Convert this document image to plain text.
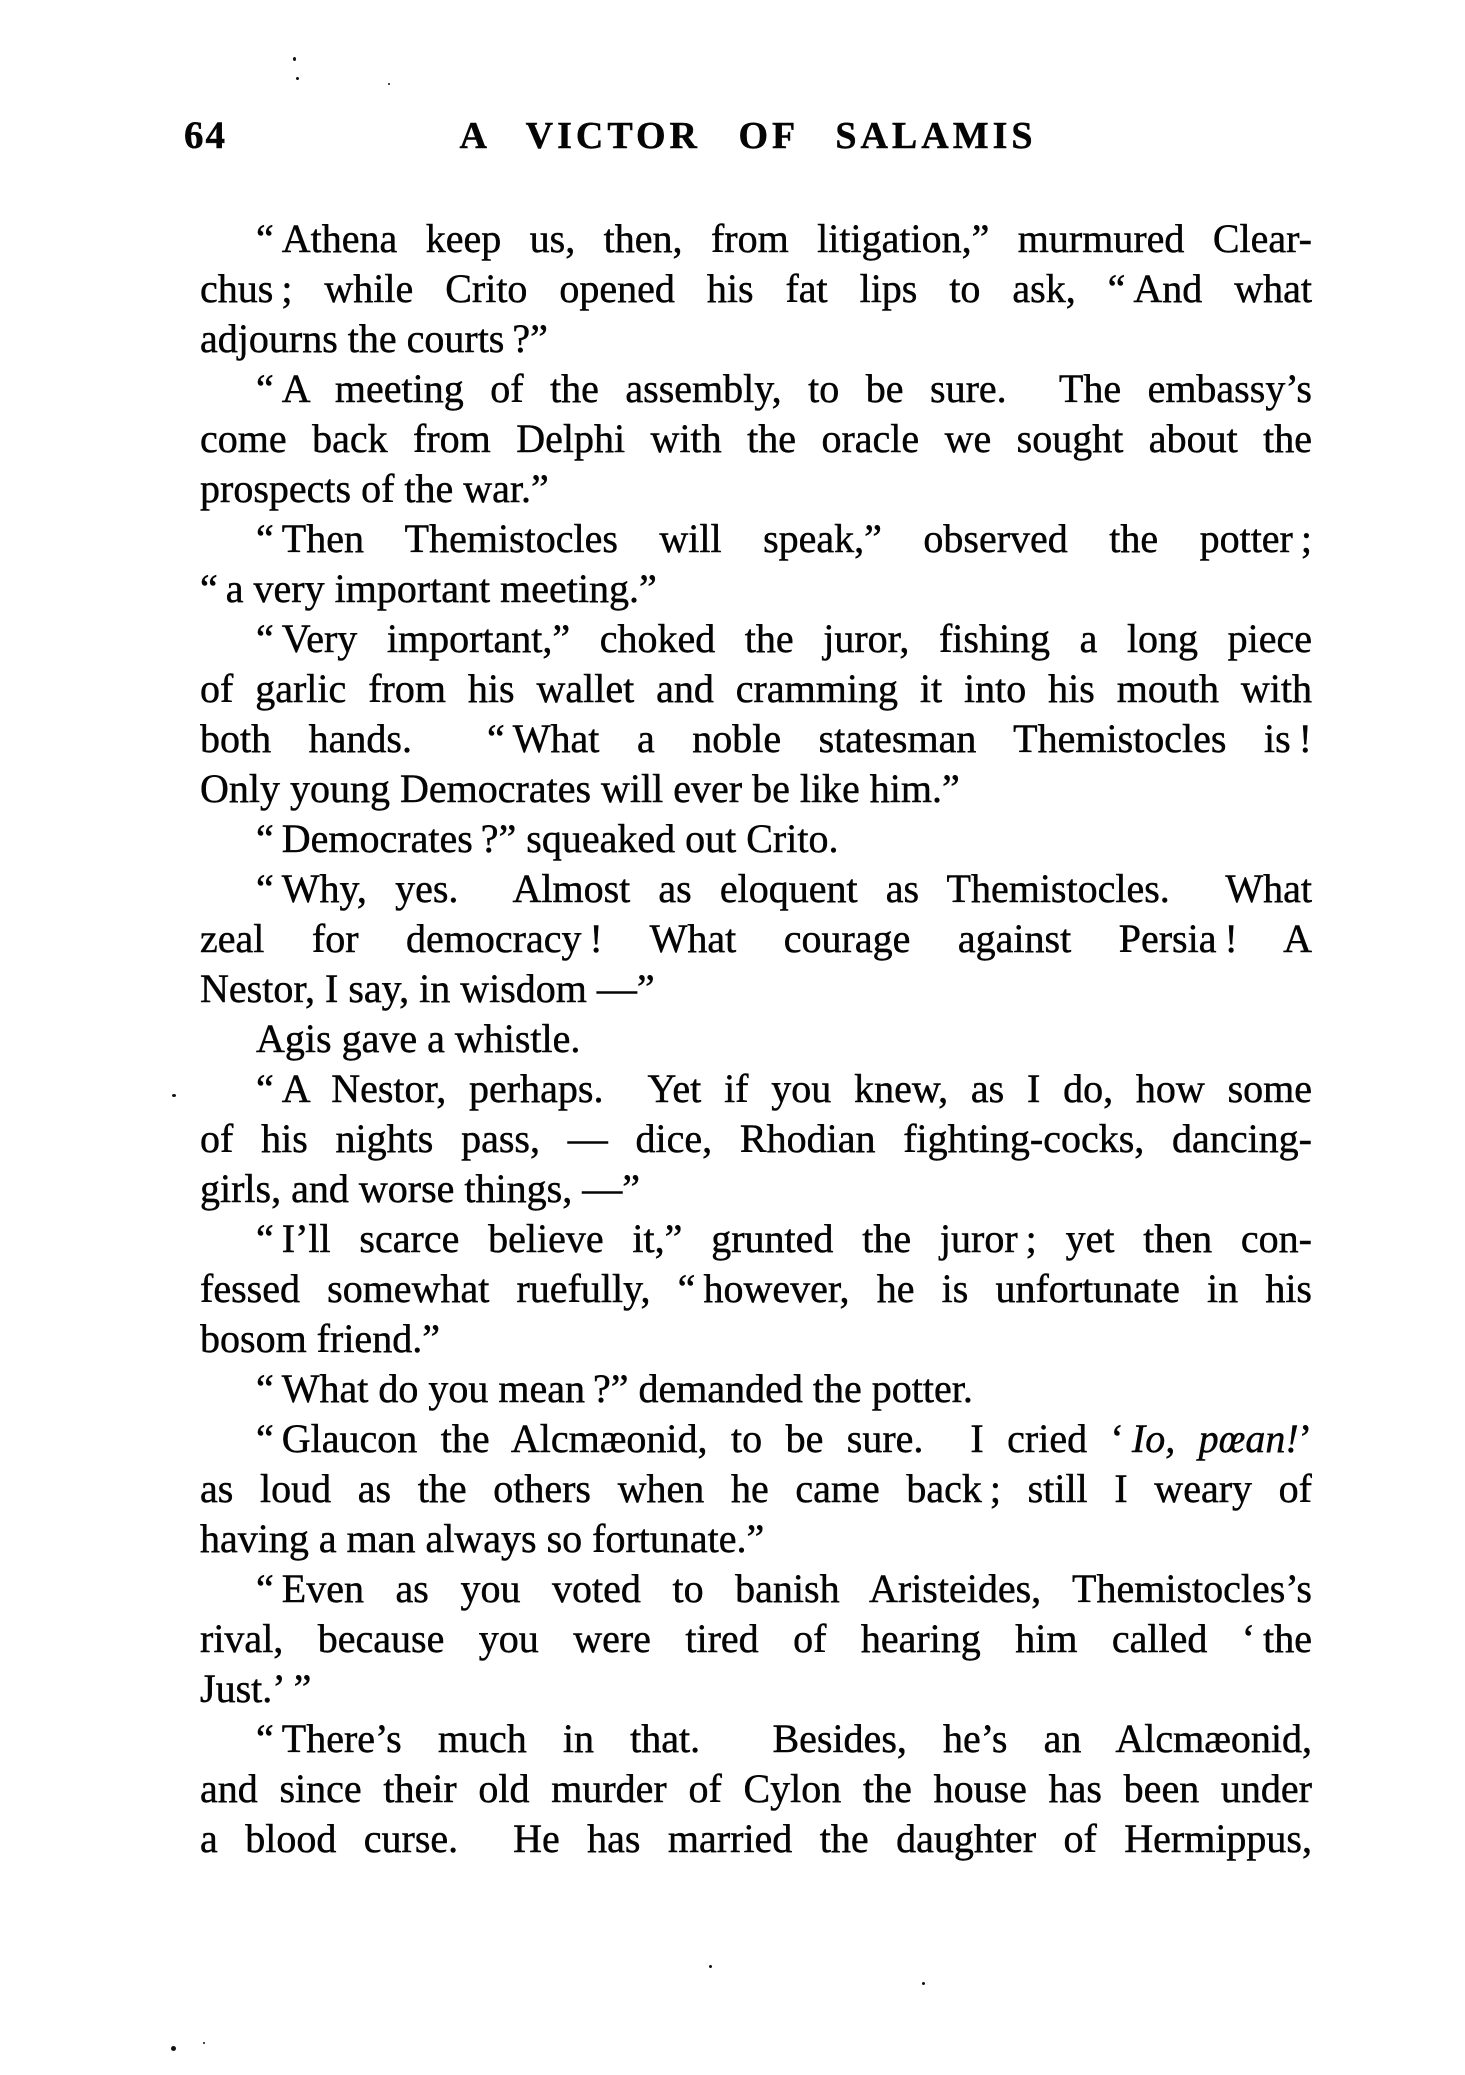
64	A VICTOR OF SALAMIS
“ Athena keep us, then, from litigation,” murmured Clear-
chus ; while Crito opened his fat lips to ask, “ And what
adjourns the courts ?”
“ A meeting of the assembly, to be sure.  The embassy’s
come back from Delphi with the oracle we sought about the
prospects of the war.”
“ Then Themistocles will speak,” observed the potter ;
“ a very important meeting.”
“ Very important,” choked the juror, fishing a long piece
of garlic from his wallet and cramming it into his mouth with
both hands.  “ What a noble statesman Themistocles is !
Only young Democrates will ever be like him.”
“ Democrates ?” squeaked out Crito.
“ Why, yes.  Almost as eloquent as Themistocles.  What
zeal for democracy ! What courage against Persia ! A
Nestor, I say, in wisdom —”
Agis gave a whistle.
“ A Nestor, perhaps.  Yet if you knew, as I do, how some
of his nights pass, — dice, Rhodian fighting-cocks, dancing-
girls, and worse things, —”
“ I’ll scarce believe it,” grunted the juror ; yet then con-
fessed somewhat ruefully, “ however, he is unfortunate in his
bosom friend.”
“ What do you mean ?” demanded the potter.
“ Glaucon the Alcmæonid, to be sure.  I cried ‘ Io, pœan!’
as loud as the others when he came back ; still I weary of
having a man always so fortunate.”
“ Even as you voted to banish Aristeides, Themistocles’s
rival, because you were tired of hearing him called ‘ the
Just.’ ”
“ There’s much in that.  Besides, he’s an Alcmæonid,
and since their old murder of Cylon the house has been under
a blood curse.  He has married the daughter of Hermippus,
